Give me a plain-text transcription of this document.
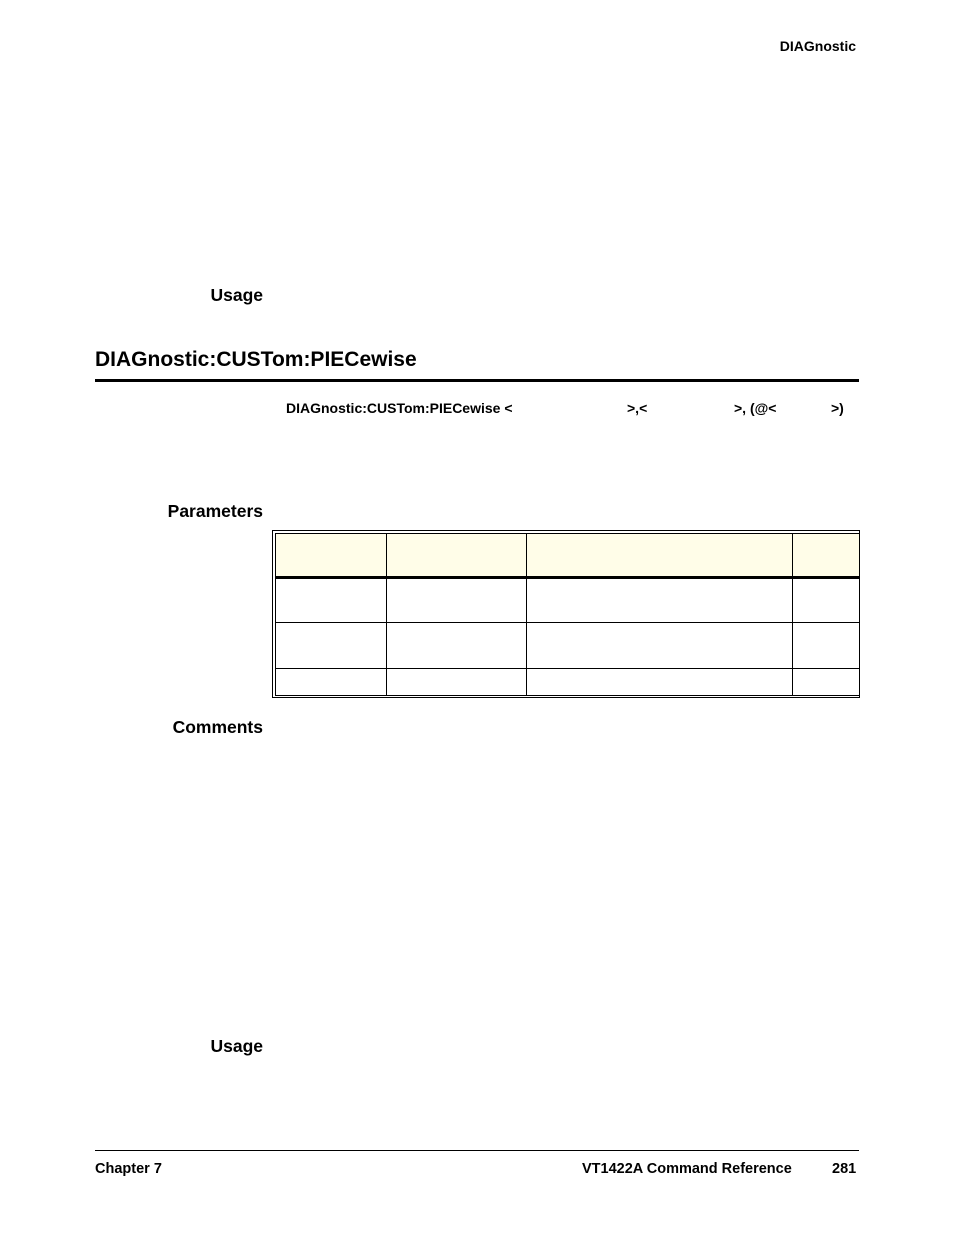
DIAGnostic
Usage
DIAGnostic:CUSTom:PIECewise
DIAGnostic:CUSTom:PIECewise <	>,<	>, (@<	>)
Parameters

Comments
Usage
Chapter 7	VT1422A Command Reference	281
